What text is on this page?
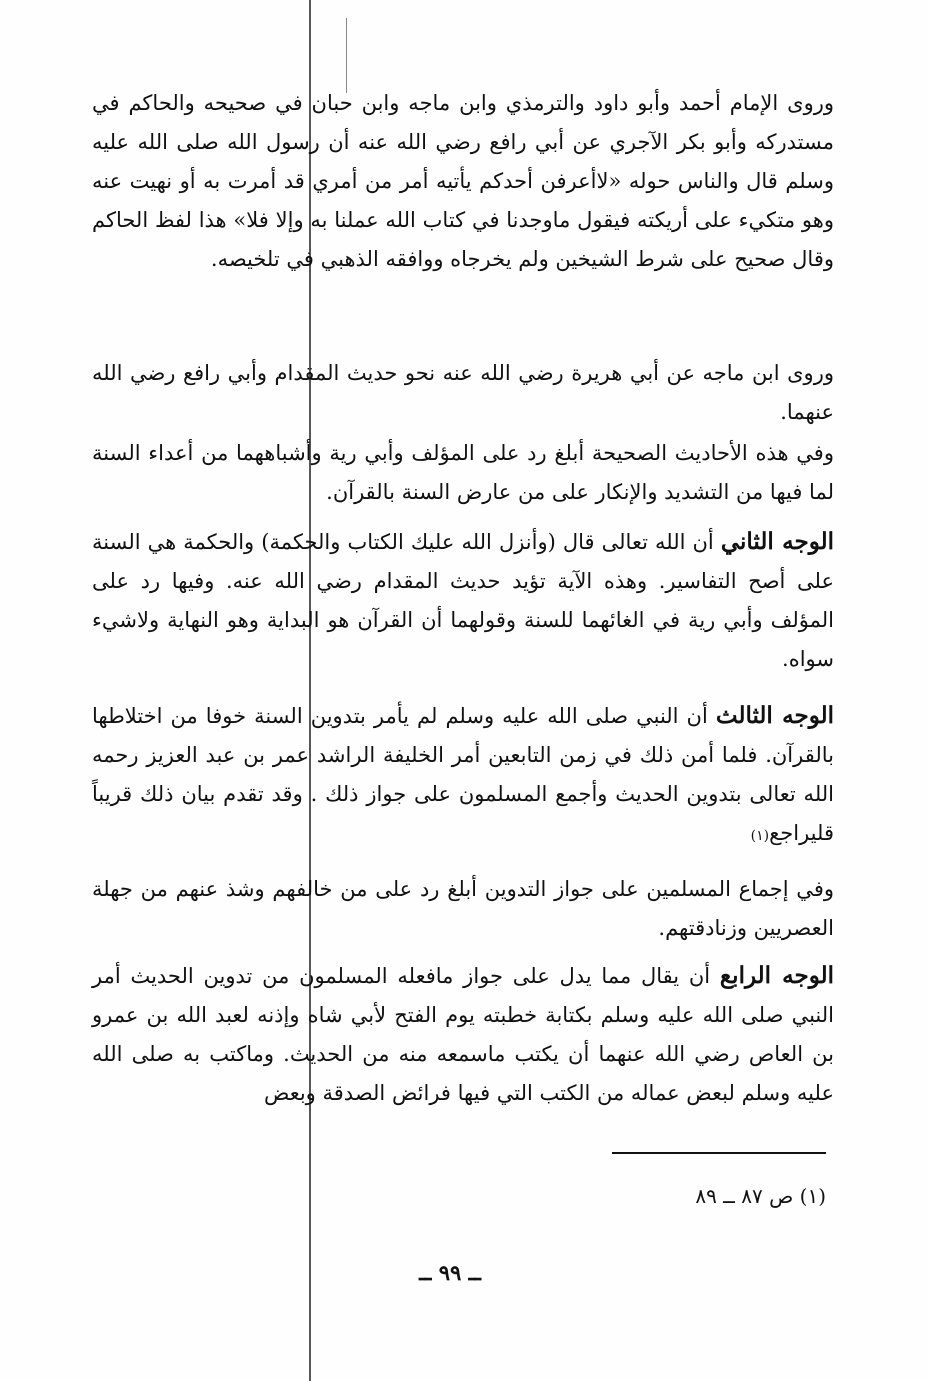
وروى الإمام أحمد وأبو داود والترمذي وابن ماجه وابن حبان في صحيحه والحاكم في مستدركه وأبو بكر الآجري عن أبي رافع رضي الله عنه أن رسول الله صلى الله عليه وسلم قال والناس حوله «لاأعرفن أحدكم يأتيه أمر من أمري قد أمرت به أو نهيت عنه وهو متكيء على أريكته فيقول ماوجدنا في كتاب الله عملنا به وإلا فلا» هذا لفظ الحاكم وقال صحيح على شرط الشيخين ولم يخرجاه ووافقه الذهبي في تلخيصه.

وروى ابن ماجه عن أبي هريرة رضي الله عنه نحو حديث المقدام وأبي رافع رضي الله عنهما.

وفي هذه الأحاديث الصحيحة أبلغ رد على المؤلف وأبي رية وأشباههما من أعداء السنة لما فيها من التشديد والإنكار على من عارض السنة بالقرآن.

الوجه الثاني أن الله تعالى قال (وأنزل الله عليك الكتاب والحكمة) والحكمة هي السنة على أصح التفاسير. وهذه الآية تؤيد حديث المقدام رضي الله عنه. وفيها رد على المؤلف وأبي رية في الغائهما للسنة وقولهما أن القرآن هو البداية وهو النهاية ولاشيء سواه.

الوجه الثالث أن النبي صلى الله عليه وسلم لم يأمر بتدوين السنة خوفا من اختلاطها بالقرآن. فلما أمن ذلك في زمن التابعين أمر الخليفة الراشد عمر بن عبد العزيز رحمه الله تعالى بتدوين الحديث وأجمع المسلمون على جواز ذلك . وقد تقدم بيان ذلك قريباً قليراجع(١)

وفي إجماع المسلمين على جواز التدوين أبلغ رد على من خالفهم وشذ عنهم من جهلة العصريين وزنادقتهم.

الوجه الرابع أن يقال مما يدل على جواز مافعله المسلمون من تدوين الحديث أمر النبي صلى الله عليه وسلم بكتابة خطبته يوم الفتح لأبي شاه وإذنه لعبد الله بن عمرو بن العاص رضي الله عنهما أن يكتب ماسمعه منه من الحديث. وماكتب به صلى الله عليه وسلم لبعض عماله من الكتب التي فيها فرائض الصدقة وبعض

(١) ص ٨٧ ــ ٨٩
ــ ٩٩ ــ
